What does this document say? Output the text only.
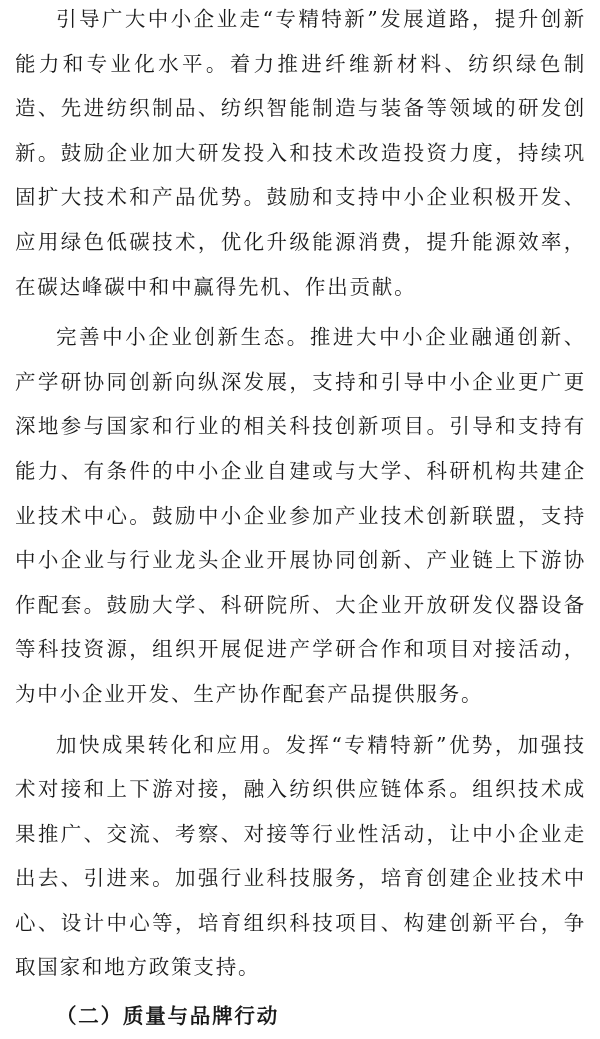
引导广大中小企业走“专精特新”发展道路，提升创新能力和专业化水平。着力推进纤维新材料、纺织绿色制造、先进纺织制品、纺织智能制造与装备等领域的研发创新。鼓励企业加大研发投入和技术改造投资力度，持续巩固扩大技术和产品优势。鼓励和支持中小企业积极开发、应用绿色低碳技术，优化升级能源消费，提升能源效率，在碳达峰碳中和中赢得先机、作出贡献。

完善中小企业创新生态。推进大中小企业融通创新、产学研协同创新向纵深发展，支持和引导中小企业更广更深地参与国家和行业的相关科技创新项目。引导和支持有能力、有条件的中小企业自建或与大学、科研机构共建企业技术中心。鼓励中小企业参加产业技术创新联盟，支持中小企业与行业龙头企业开展协同创新、产业链上下游协作配套。鼓励大学、科研院所、大企业开放研发仪器设备等科技资源，组织开展促进产学研合作和项目对接活动，为中小企业开发、生产协作配套产品提供服务。

加快成果转化和应用。发挥“专精特新”优势，加强技术对接和上下游对接，融入纺织供应链体系。组织技术成果推广、交流、考察、对接等行业性活动，让中小企业走出去、引进来。加强行业科技服务，培育创建企业技术中心、设计中心等，培育组织科技项目、构建创新平台，争取国家和地方政策支持。

（二）质量与品牌行动
